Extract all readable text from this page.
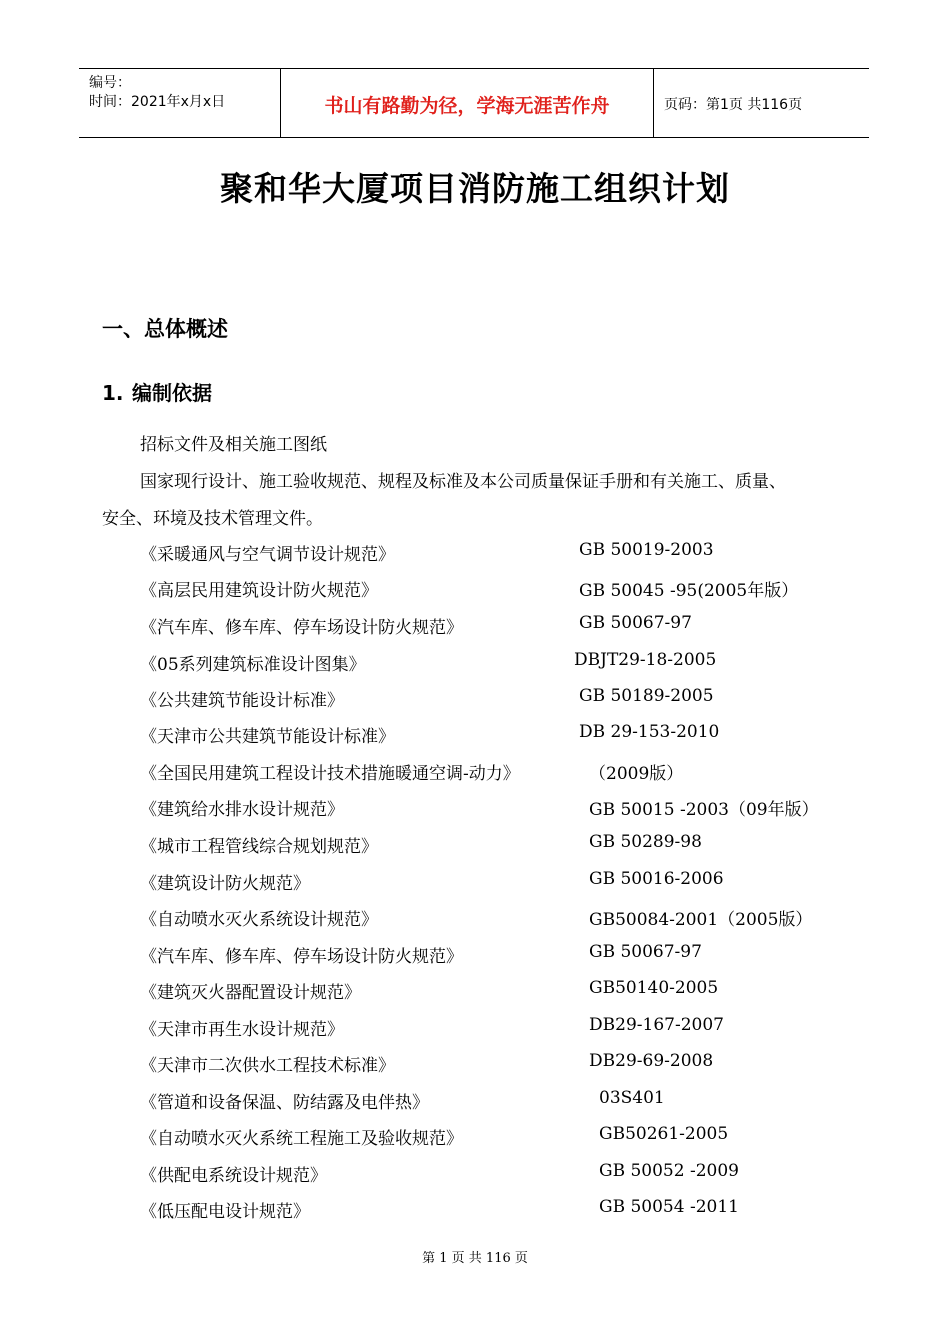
编号：
时间：2021年x月x日	书山有路勤为径，学海无涯苦作舟	页码：第1页 共116页
聚和华大厦项目消防施工组织计划
一、总体概述
1. 编制依据
招标文件及相关施工图纸
国家现行设计、施工验收规范、规程及标准及本公司质量保证手册和有关施工、质量、
安全、环境及技术管理文件。
《采暖通风与空气调节设计规范》	GB 50019-2003
《高层民用建筑设计防火规范》	GB 50045 -95(2005年版）
《汽车库、修车库、停车场设计防火规范》	GB 50067-97
《05系列建筑标准设计图集》	DBJT29-18-2005
《公共建筑节能设计标准》	GB 50189-2005
《天津市公共建筑节能设计标准》	DB 29-153-2010
《全国民用建筑工程设计技术措施暖通空调-动力》	（2009版）
《建筑给水排水设计规范》	GB 50015 -2003（09年版）
《城市工程管线综合规划规范》	GB 50289-98
《建筑设计防火规范》	GB 50016-2006
《自动喷水灭火系统设计规范》	GB50084-2001（2005版）
《汽车库、修车库、停车场设计防火规范》	GB 50067-97
《建筑灭火器配置设计规范》	GB50140-2005
《天津市再生水设计规范》	DB29-167-2007
《天津市二次供水工程技术标准》	DB29-69-2008
《管道和设备保温、防结露及电伴热》	03S401
《自动喷水灭火系统工程施工及验收规范》	GB50261-2005
《供配电系统设计规范》	GB 50052 -2009
《低压配电设计规范》	GB 50054 -2011
第 1 页 共 116 页
